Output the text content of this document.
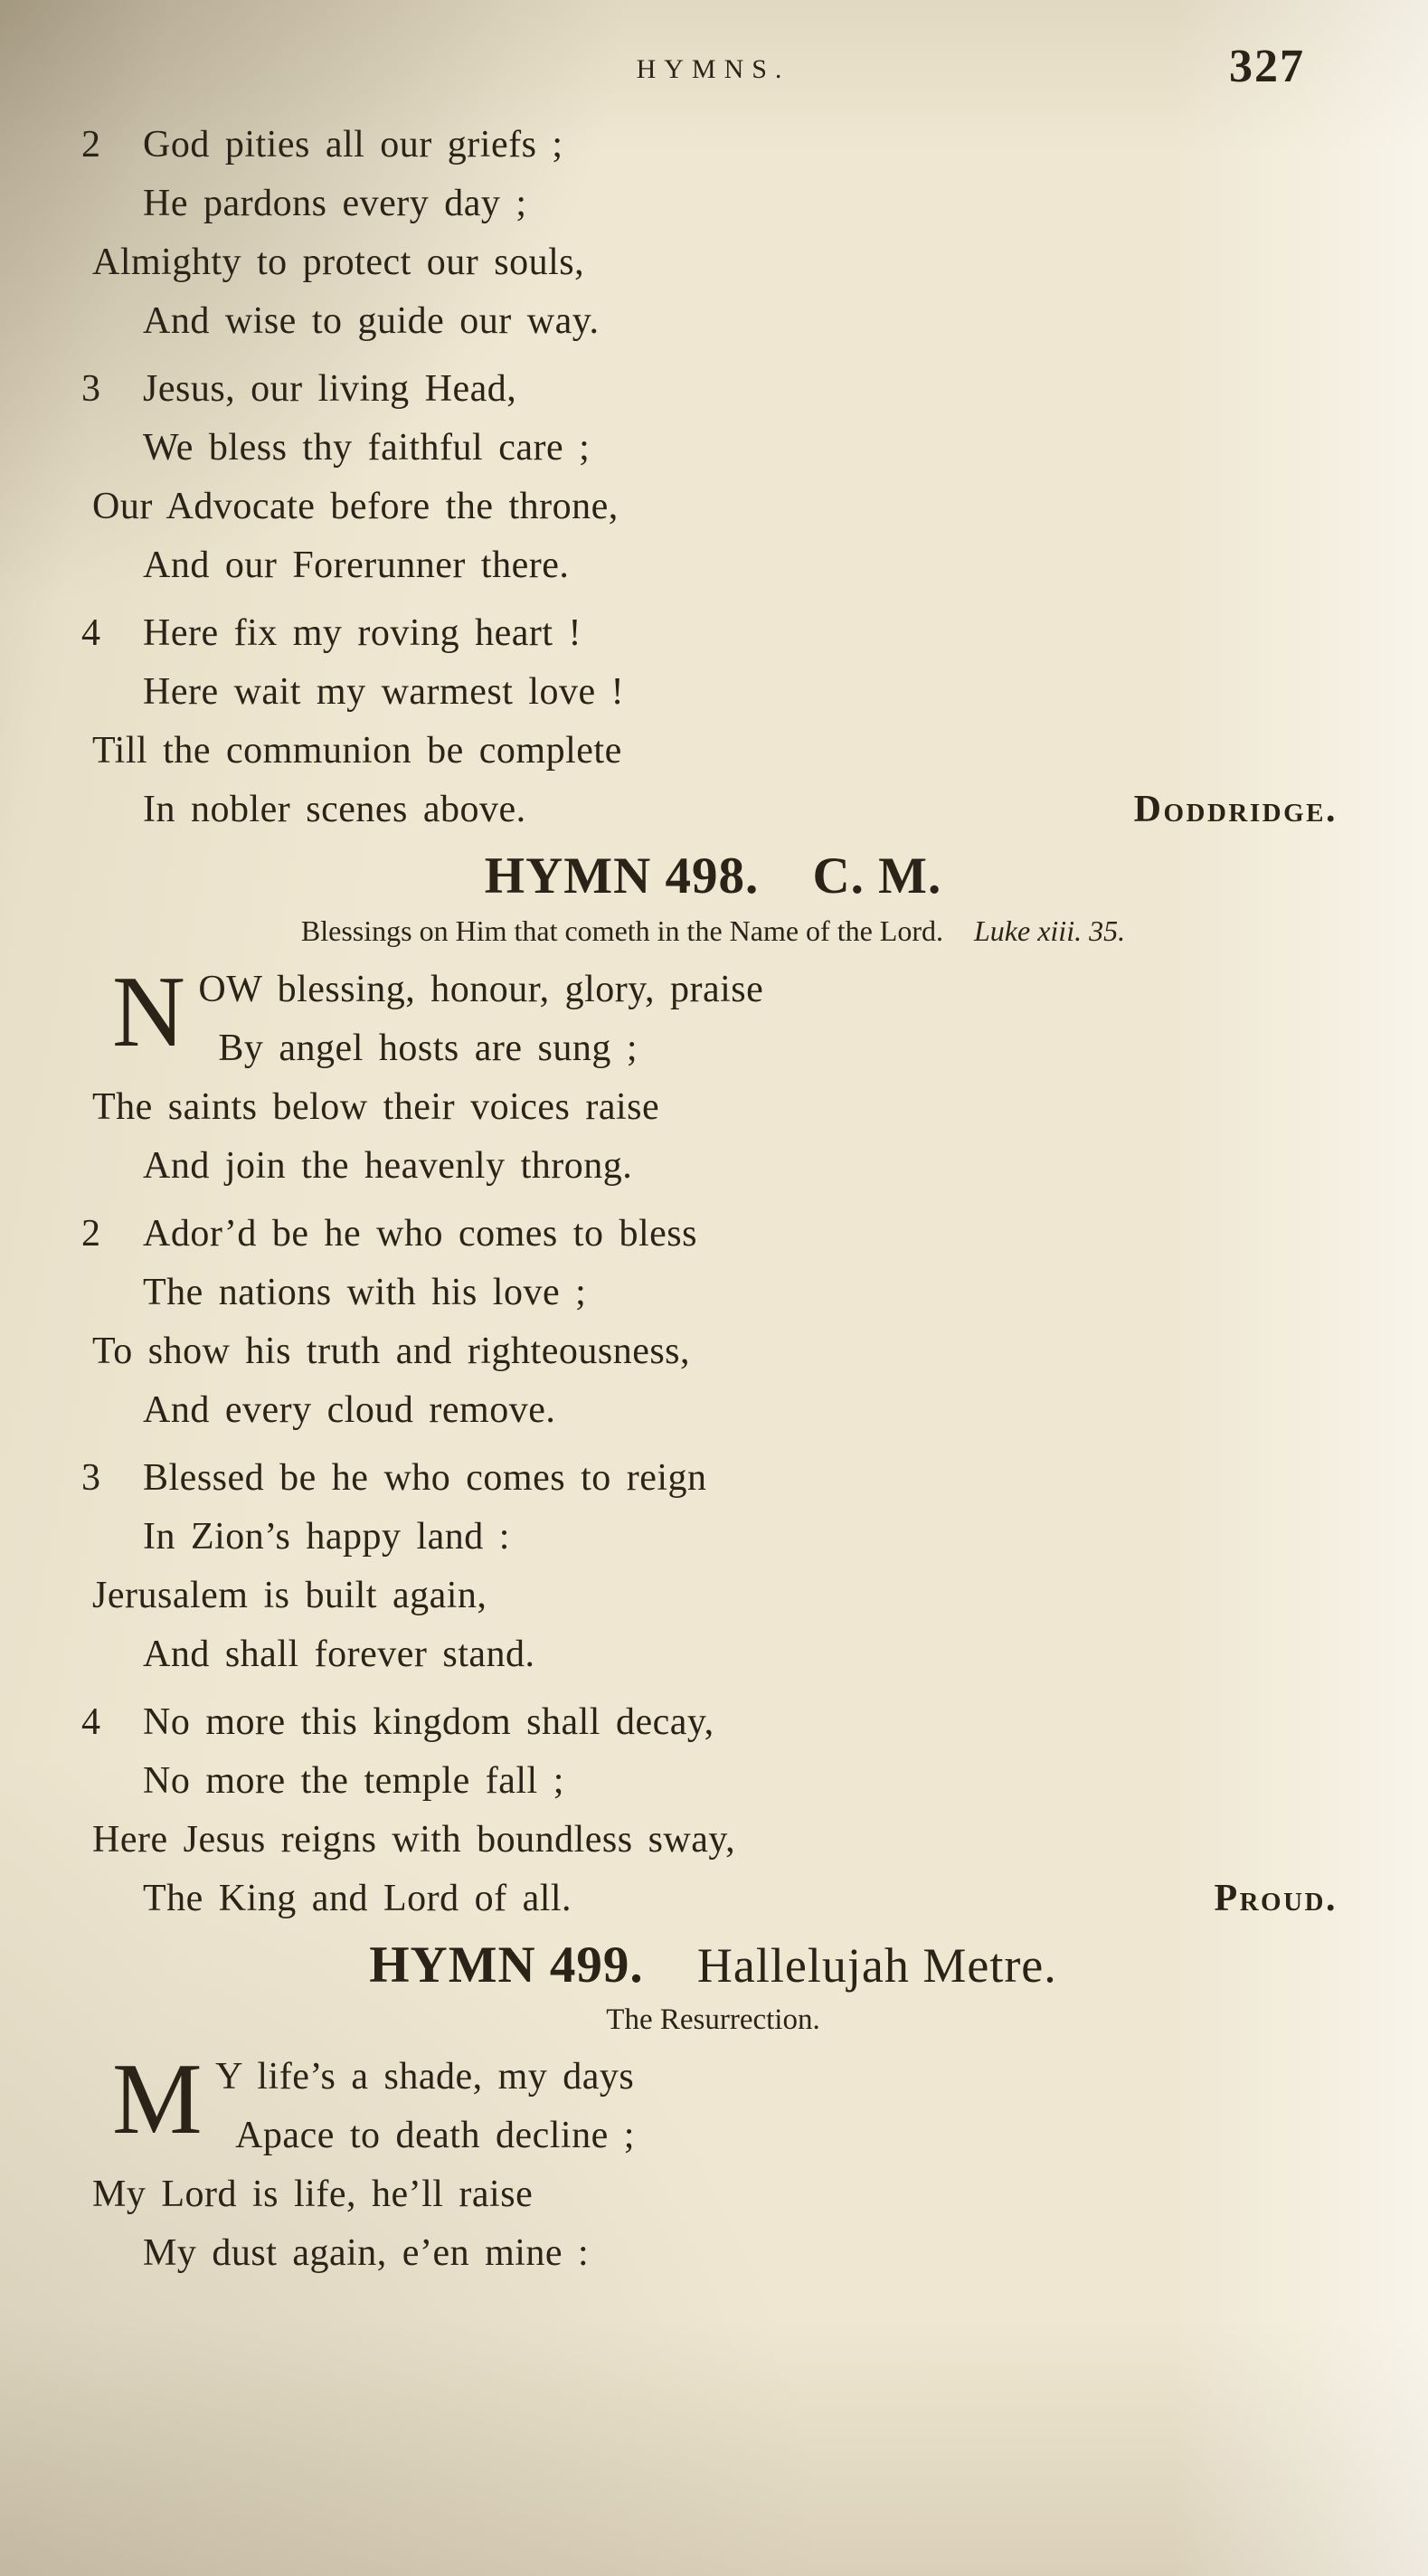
HYMNS.	327
2 God pities all our griefs ;
He pardons every day ;
Almighty to protect our souls,
And wise to guide our way.
3 Jesus, our living Head,
We bless thy faithful care ;
Our Advocate before the throne,
And our Forerunner there.
4 Here fix my roving heart !
Here wait my warmest love !
Till the communion be complete
In nobler scenes above.	Doddridge.
HYMN 498. C. M.
Blessings on Him that cometh in the Name of the Lord. Luke xiii. 35.
N OW blessing, honour, glory, praise
By angel hosts are sung ;
The saints below their voices raise
And join the heavenly throng.
2 Ador’d be he who comes to bless
The nations with his love ;
To show his truth and righteousness,
And every cloud remove.
3 Blessed be he who comes to reign
In Zion’s happy land :
Jerusalem is built again,
And shall forever stand.
4 No more this kingdom shall decay,
No more the temple fall ;
Here Jesus reigns with boundless sway,
The King and Lord of all.	Proud.
HYMN 499. Hallelujah Metre.
The Resurrection.
M Y life’s a shade, my days
Apace to death decline ;
My Lord is life, he’ll raise
My dust again, e’en mine :
